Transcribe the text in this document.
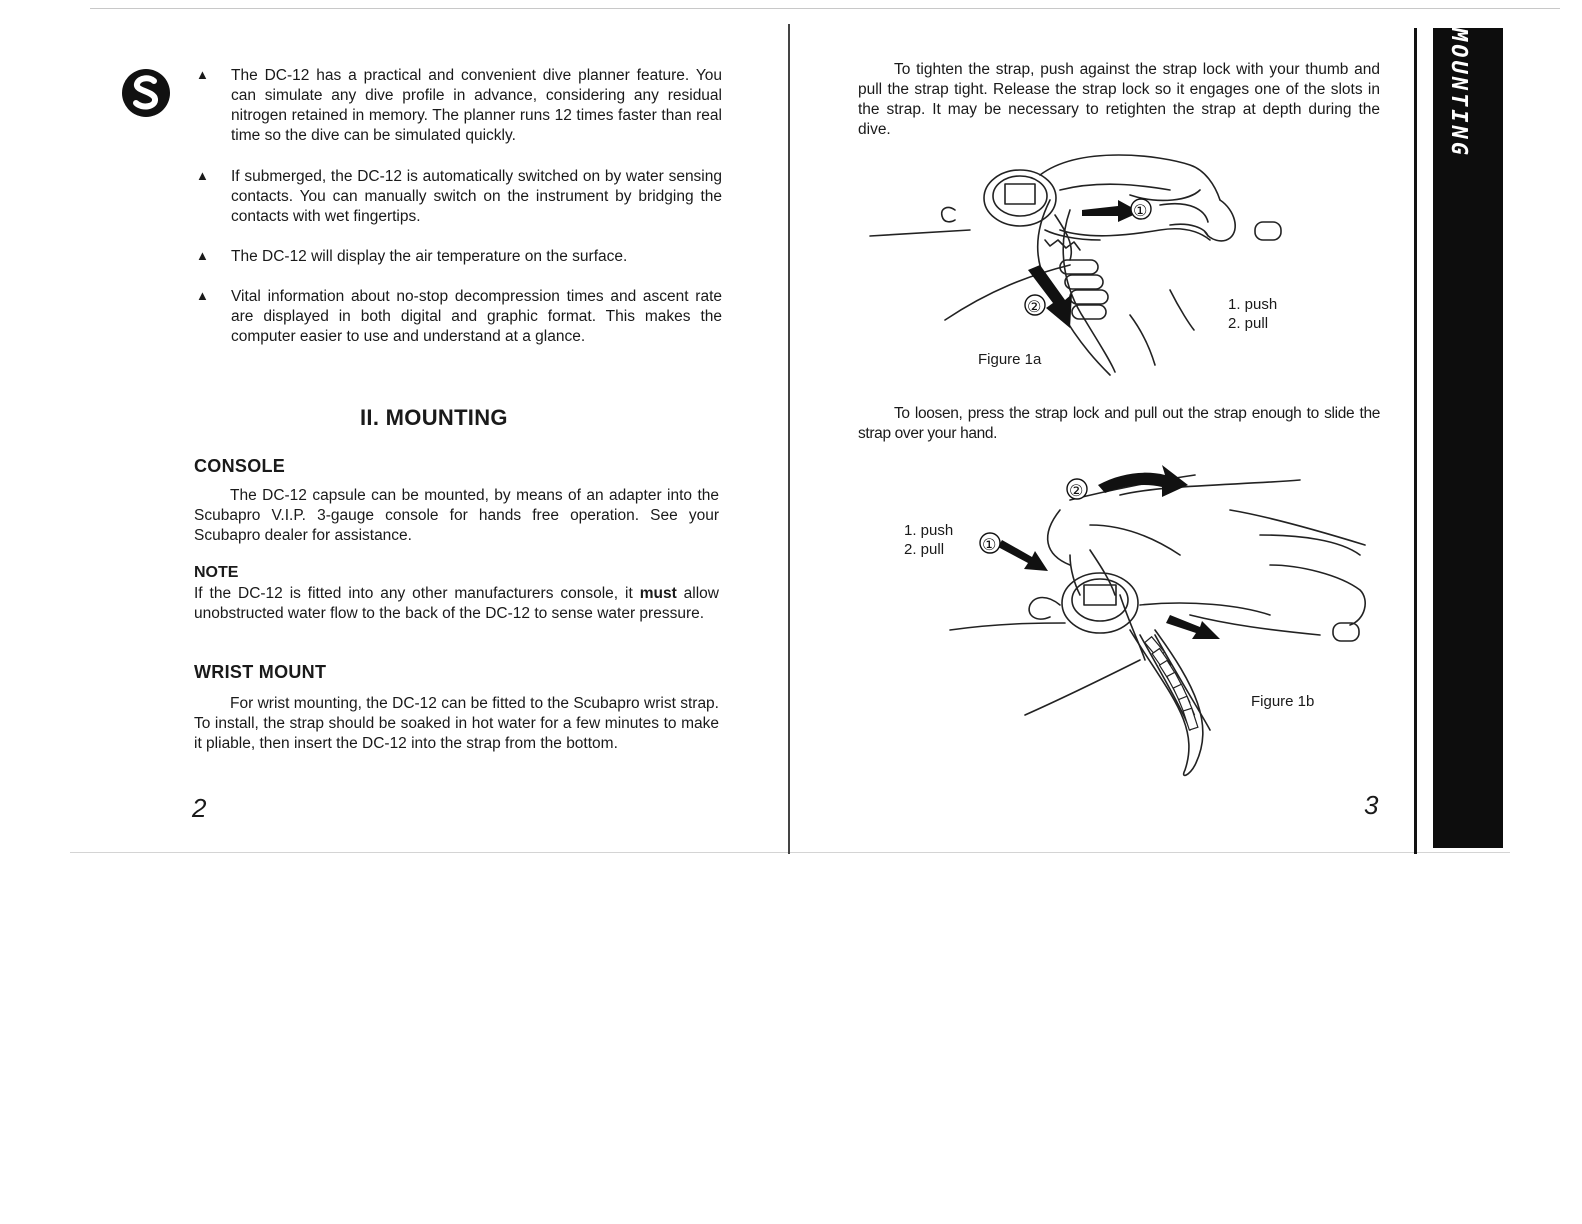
▲ The DC-12 has a practical and convenient dive planner feature. You can simulate any dive profile in advance, considering any residual nitrogen retained in memory. The planner runs 12 times faster than real time so the dive can be simulated quickly.
▲ If submerged, the DC-12 is automatically switched on by water sensing contacts. You can manually switch on the instrument by bridging the contacts with wet fingertips.
▲ The DC-12 will display the air temperature on the surface.
▲ Vital information about no-stop decompression times and ascent rate are displayed in both digital and graphic format. This makes the computer easier to use and understand at a glance.
II. MOUNTING
CONSOLE
The DC-12 capsule can be mounted, by means of an adapter into the Scubapro V.I.P. 3-gauge console for hands free operation. See your Scubapro dealer for assistance.
NOTE
If the DC-12 is fitted into any other manufacturers console, it must allow unobstructed water flow to the back of the DC-12 to sense water pressure.
WRIST MOUNT
For wrist mounting, the DC-12 can be fitted to the Scubapro wrist strap. To install, the strap should be soaked in hot water for a few minutes to make it pliable, then insert the DC-12 into the strap from the bottom.
2
To tighten the strap, push against the strap lock with your thumb and pull the strap tight. Release the strap lock so it engages one of the slots in the strap. It may be necessary to retighten the strap at depth during the dive.
①
②	1. push
2. pull
Figure 1a
To loosen, press the strap lock and pull out the strap enough to slide the strap over your hand.
②
①
1. push
2. pull
Figure 1b
3
MOUNTING
